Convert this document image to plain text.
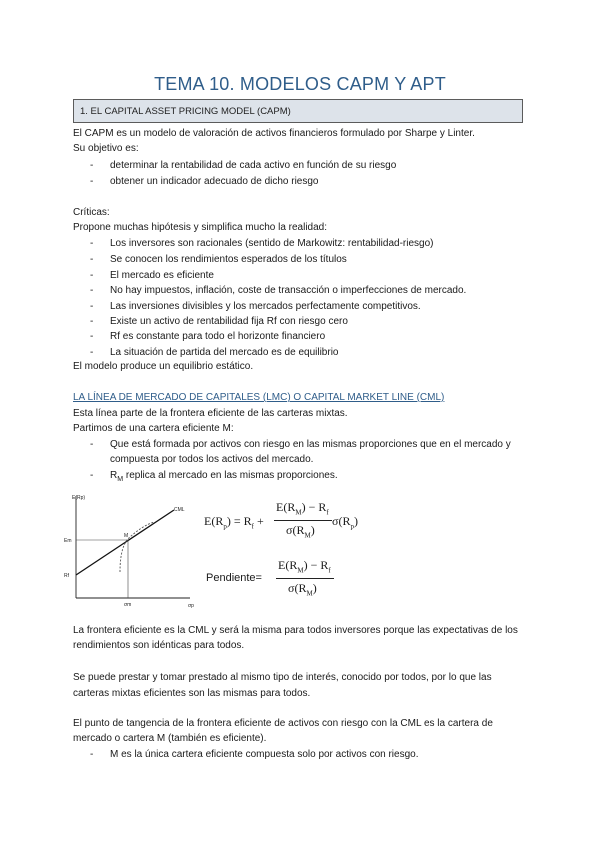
TEMA 10. MODELOS CAPM Y APT
1. EL CAPITAL ASSET PRICING MODEL (CAPM)
El CAPM es un modelo de valoración de activos financieros formulado por Sharpe y Linter.
Su objetivo es:
- determinar la rentabilidad de cada activo en función de su riesgo
- obtener un indicador adecuado de dicho riesgo
Críticas:
Propone muchas hipótesis y simplifica mucho la realidad:
- Los inversores son racionales (sentido de Markowitz: rentabilidad-riesgo)
- Se conocen los rendimientos esperados de los títulos
- El mercado es eficiente
- No hay impuestos, inflación, coste de transacción o imperfecciones de mercado.
- Las inversiones divisibles y los mercados perfectamente competitivos.
- Existe un activo de rentabilidad fija Rf con riesgo cero
- Rf es constante para todo el horizonte financiero
- La situación de partida del mercado es de equilibrio
El modelo produce un equilibrio estático.
LA LÍNEA DE MERCADO DE CAPITALES (LMC) O CAPITAL MARKET LINE (CML)
Esta línea parte de la frontera eficiente de las carteras mixtas.
Partimos de una cartera eficiente M:
- Que está formada por activos con riesgo en las mismas proporciones que en el mercado y
compuesta por todos los activos del mercado.
- $R_M$ replica al mercado en las mismas proporciones.
E(Rp)
CML
M
Em
Rf
σm	σp
$E(R_p) = R_f$ +
$E(R_M) - R_f$
$\sigma(R_M)$
$\sigma(R_p)$
Pendiente=
$E(R_M) - R_f$
$\sigma(R_M)$
La frontera eficiente es la CML y será la misma para todos inversores porque las expectativas de los
rendimientos son idénticas para todos.
Se puede prestar y tomar prestado al mismo tipo de interés, conocido por todos, por lo que las
carteras mixtas eficientes son las mismas para todos.
El punto de tangencia de la frontera eficiente de activos con riesgo con la CML es la cartera de
mercado o cartera M (también es eficiente).
- M es la única cartera eficiente compuesta solo por activos con riesgo.
